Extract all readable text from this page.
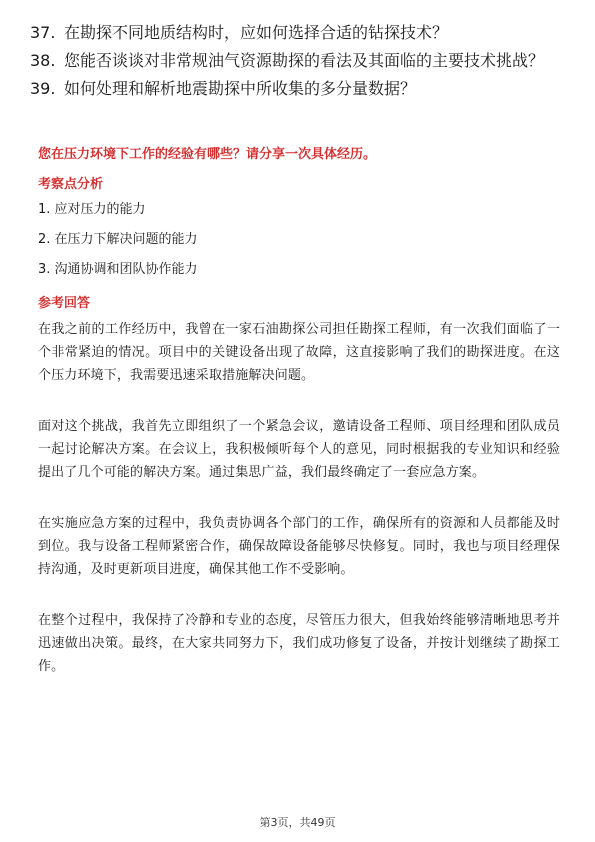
37. 在勘探不同地质结构时，应如何选择合适的钻探技术？
38. 您能否谈谈对非常规油气资源勘探的看法及其面临的主要技术挑战？
39. 如何处理和解析地震勘探中所收集的多分量数据？
您在压力环境下工作的经验有哪些？请分享一次具体经历。
考察点分析
1. 应对压力的能力
2. 在压力下解决问题的能力
3. 沟通协调和团队协作能力
参考回答

在我之前的工作经历中，我曾在一家石油勘探公司担任勘探工程师，有一次我们面临了一个非常紧迫的情况。项目中的关键设备出现了故障，这直接影响了我们的勘探进度。在这个压力环境下，我需要迅速采取措施解决问题。

面对这个挑战，我首先立即组织了一个紧急会议，邀请设备工程师、项目经理和团队成员一起讨论解决方案。在会议上，我积极倾听每个人的意见，同时根据我的专业知识和经验提出了几个可能的解决方案。通过集思广益，我们最终确定了一套应急方案。

在实施应急方案的过程中，我负责协调各个部门的工作，确保所有的资源和人员都能及时到位。我与设备工程师紧密合作，确保故障设备能够尽快修复。同时，我也与项目经理保持沟通，及时更新项目进度，确保其他工作不受影响。

在整个过程中，我保持了冷静和专业的态度，尽管压力很大，但我始终能够清晰地思考并迅速做出决策。最终，在大家共同努力下，我们成功修复了设备，并按计划继续了勘探工作。

第3页，共49页
